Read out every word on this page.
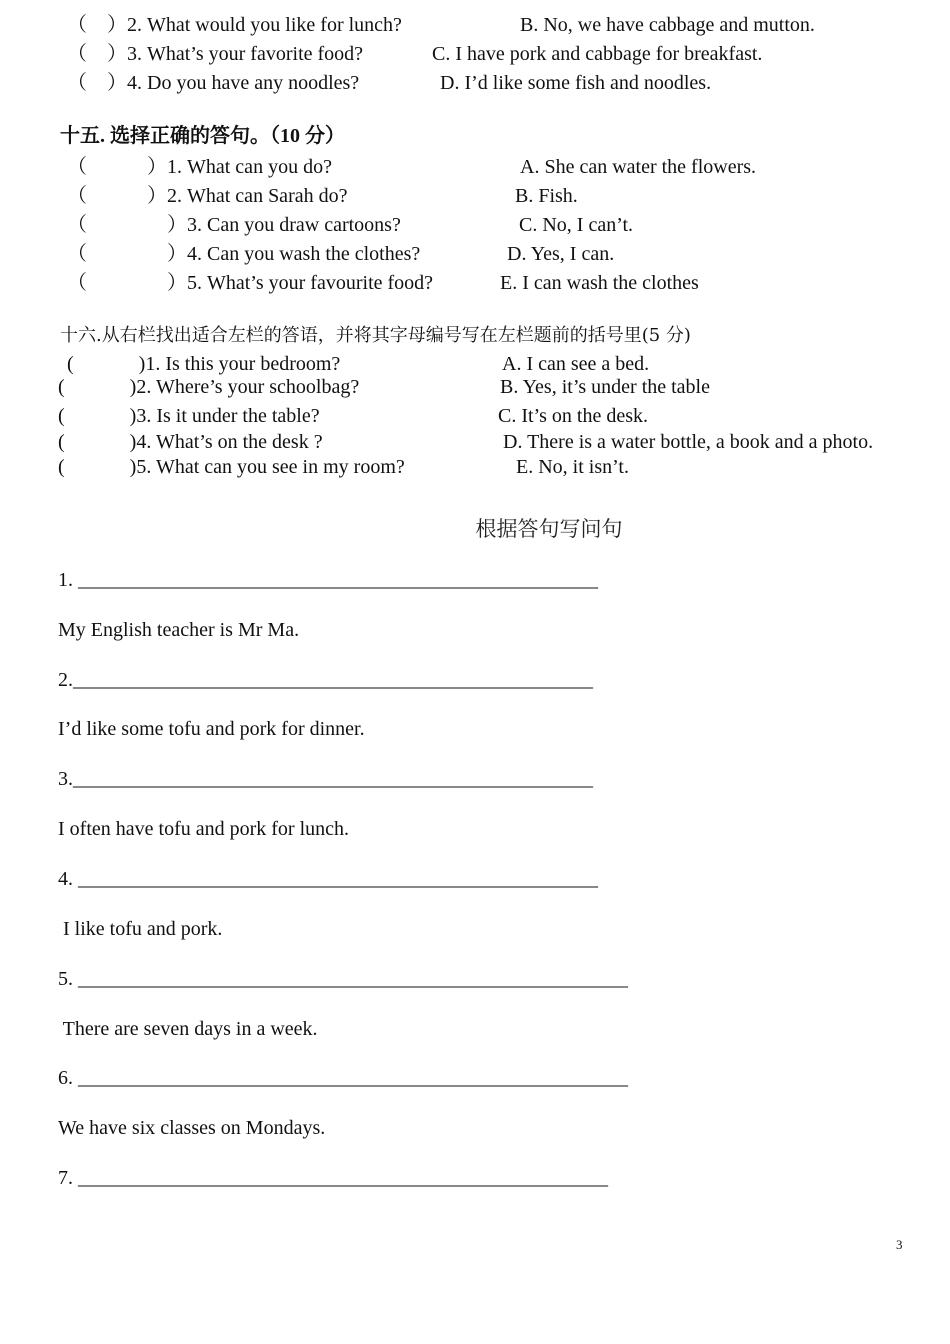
（　）2. What would you like for lunch?	B. No, we have cabbage and mutton.
（　）3. What’s your favorite food?	C. I have pork and cabbage for breakfast.
（　）4. Do you have any noodles?	D. I’d like some fish and noodles.
十五. 选择正确的答句。（10 分）
（　　　）1. What can you do?	A. She can water the flowers.
（　　　）2. What can Sarah do?	B. Fish.
（　　　　）3. Can you draw cartoons?	C. No, I can’t.
（　　　　）4. Can you wash the clothes?	D. Yes, I can.
（　　　　）5. What’s your favourite food?	E. I can wash the clothes
十六.从右栏找出适合左栏的答语，并将其字母编号写在左栏题前的括号里(5 分)
(　　　 )1. Is this your bedroom?	A. I can see a bed.
(　　　 )2. Where’s your schoolbag?	B. Yes, it’s under the table
(　　　 )3. Is it under the table?	C. It’s on the desk.
(　　　 )4. What’s on the desk ?	D. There is a water bottle, a book and a photo.
(　　　 )5. What can you see in my room?	E. No, it isn’t.
根据答句写问句
1. ____________________________________________________
My English teacher is Mr Ma.
2.____________________________________________________
I’d like some tofu and pork for dinner.
3.____________________________________________________
I often have tofu and pork for lunch.
4. ____________________________________________________
I like tofu and pork.
5. _______________________________________________________
There are seven days in a week.
6. _______________________________________________________
We have six classes on Mondays.
7. _____________________________________________________
3
